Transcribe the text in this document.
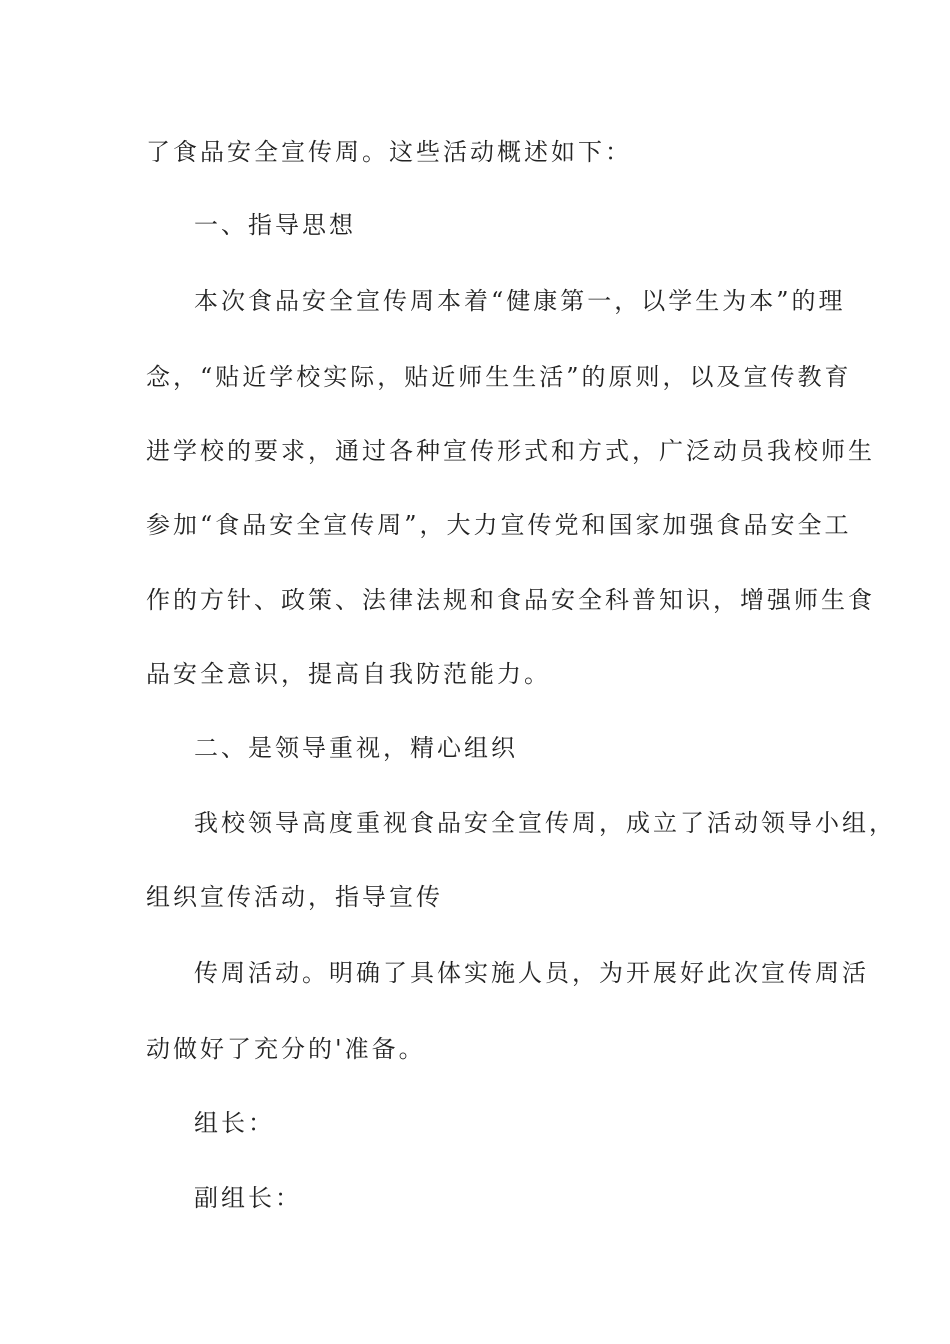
了食品安全宣传周。这些活动概述如下：
一、指导思想
本次食品安全宣传周本着“健康第一，以学生为本”的理
念，“贴近学校实际，贴近师生生活”的原则，以及宣传教育
进学校的要求，通过各种宣传形式和方式，广泛动员我校师生
参加“食品安全宣传周”，大力宣传党和国家加强食品安全工
作的方针、政策、法律法规和食品安全科普知识，增强师生食
品安全意识，提高自我防范能力。
二、是领导重视，精心组织
我校领导高度重视食品安全宣传周，成立了活动领导小组，
组织宣传活动，指导宣传
传周活动。明确了具体实施人员，为开展好此次宣传周活
动做好了充分的'准备。
组长：
副组长：
